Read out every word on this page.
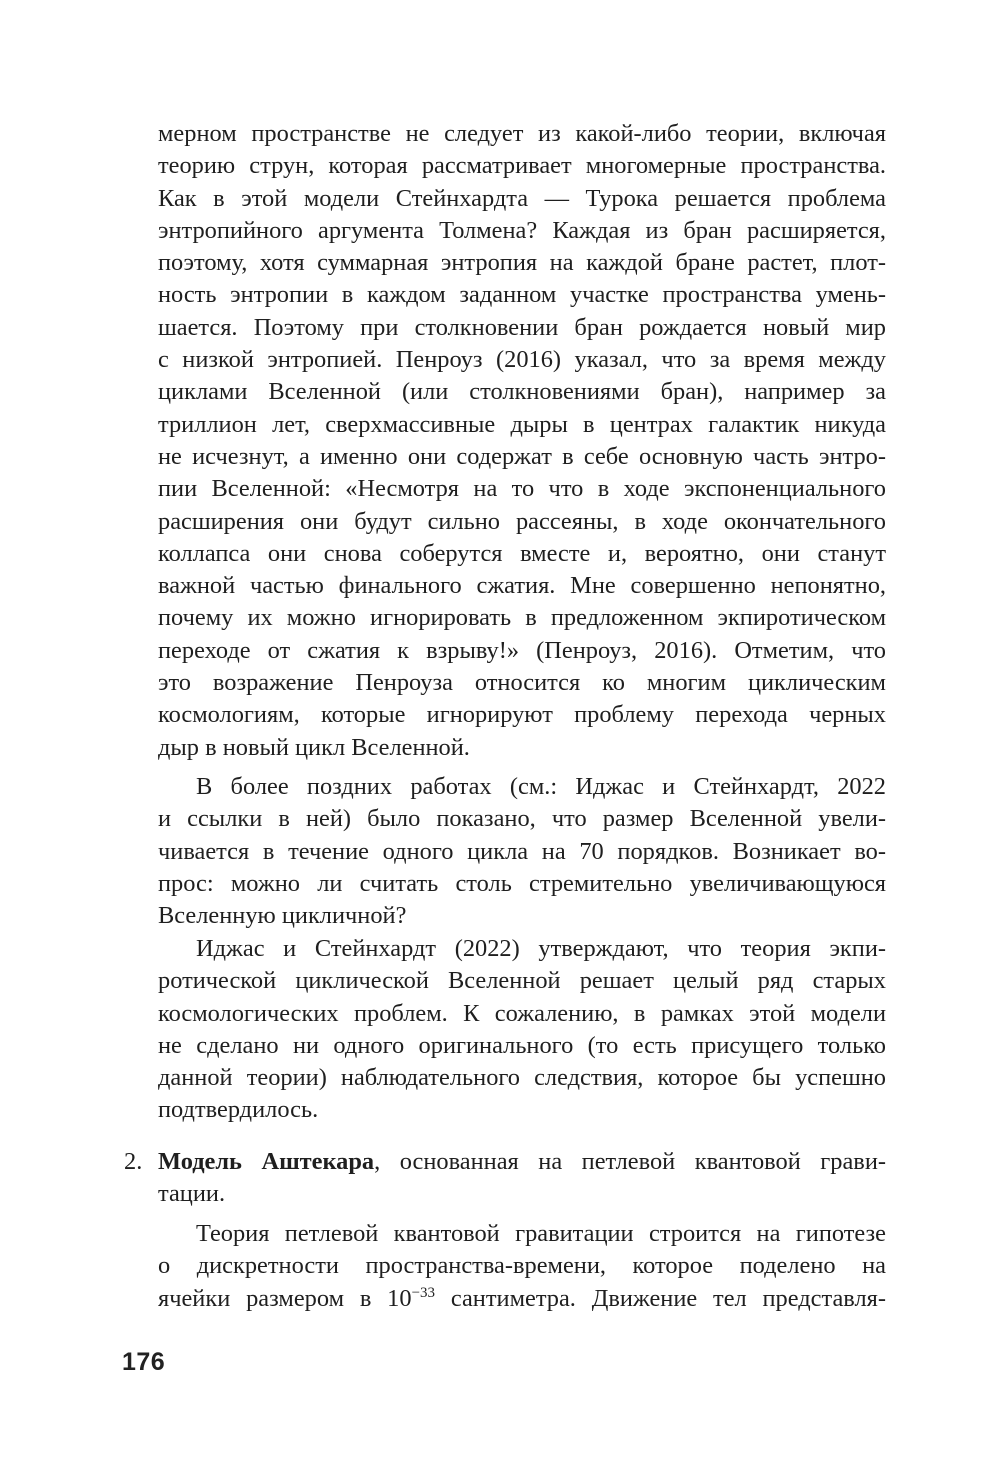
мерном пространстве не следует из какой-либо теории, включая
теорию струн, которая рассматривает многомерные пространства.
Как в этой модели Стейнхардта — Турока решается проблема
энтропийного аргумента Толмена? Каждая из бран расширяется,
поэтому, хотя суммарная энтропия на каждой бране растет, плот-
ность энтропии в каждом заданном участке пространства умень-
шается. Поэтому при столкновении бран рождается новый мир
с низкой энтропией. Пенроуз (2016) указал, что за время между
циклами Вселенной (или столкновениями бран), например за
триллион лет, сверхмассивные дыры в центрах галактик никуда
не исчезнут, а именно они содержат в себе основную часть энтро-
пии Вселенной: «Несмотря на то что в ходе экспоненциального
расширения они будут сильно рассеяны, в ходе окончательного
коллапса они снова соберутся вместе и, вероятно, они станут
важной частью финального сжатия. Мне совершенно непонятно,
почему их можно игнорировать в предложенном экпиротическом
переходе от сжатия к взрыву!» (Пенроуз, 2016). Отметим, что
это возражение Пенроуза относится ко многим циклическим
космологиям, которые игнорируют проблему перехода черных
дыр в новый цикл Вселенной.
В более поздних работах (см.: Иджас и Стейнхардт, 2022
и ссылки в ней) было показано, что размер Вселенной увели-
чивается в течение одного цикла на 70 порядков. Возникает во-
прос: можно ли считать столь стремительно увеличивающуюся
Вселенную цикличной?
Иджас и Стейнхардт (2022) утверждают, что теория экпи-
ротической циклической Вселенной решает целый ряд старых
космологических проблем. К сожалению, в рамках этой модели
не сделано ни одного оригинального (то есть присущего только
данной теории) наблюдательного следствия, которое бы успешно
подтвердилось.
2. Модель Аштекара, основанная на петлевой квантовой грави-
тации.
Теория петлевой квантовой гравитации строится на гипотезе
о дискретности пространства-времени, которое поделено на
ячейки размером в $10^{-33}$ сантиметра. Движение тел представля-
176
